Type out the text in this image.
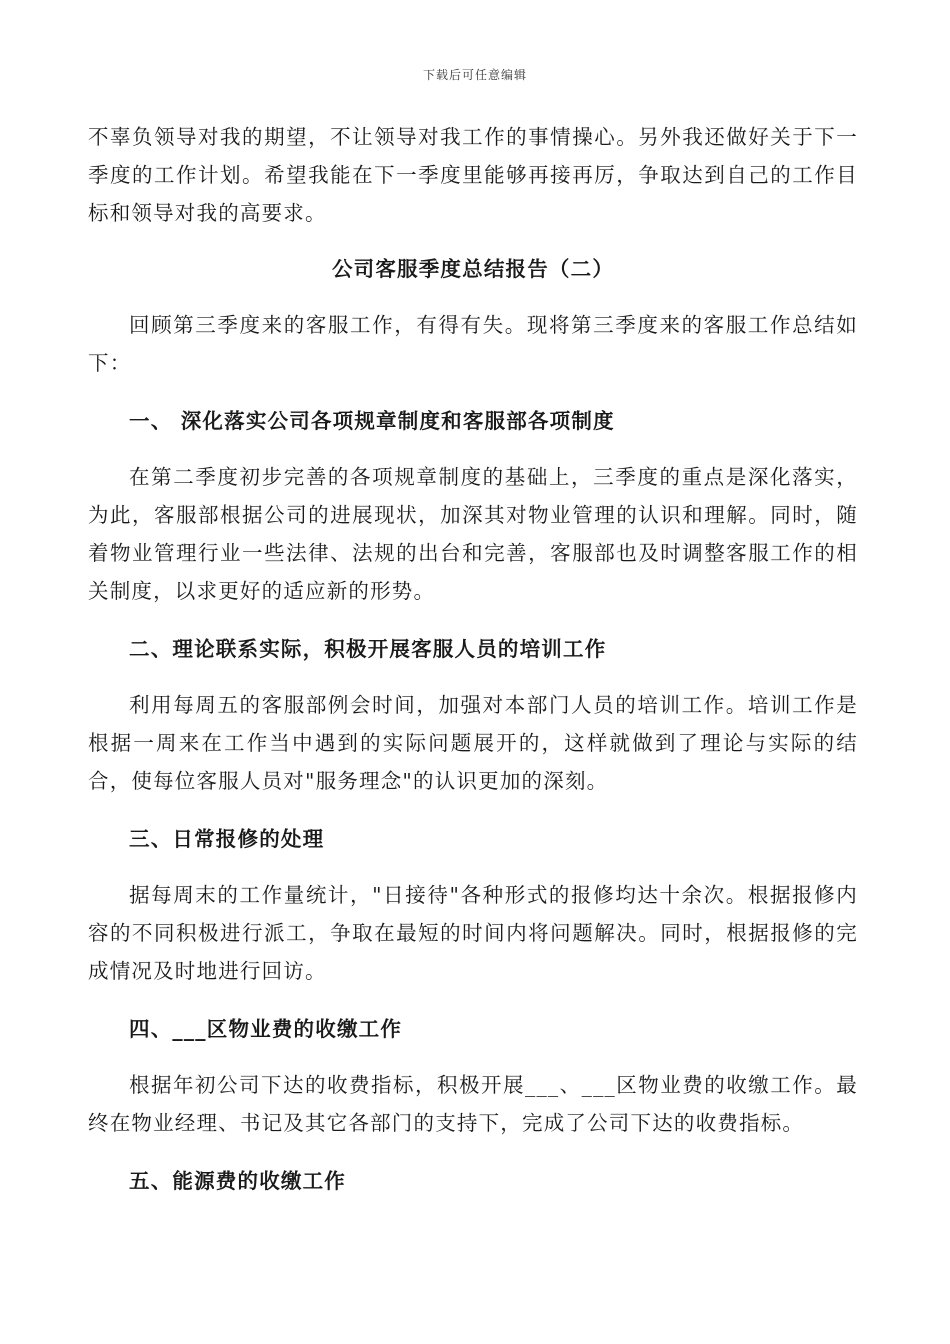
下载后可任意编辑

不辜负领导对我的期望，不让领导对我工作的事情操心。另外我还做好关于下一季度的工作计划。希望我能在下一季度里能够再接再厉，争取达到自己的工作目标和领导对我的高要求。

公司客服季度总结报告（二）

回顾第三季度来的客服工作，有得有失。现将第三季度来的客服工作总结如下：

一、 深化落实公司各项规章制度和客服部各项制度

在第二季度初步完善的各项规章制度的基础上，三季度的重点是深化落实，为此，客服部根据公司的进展现状，加深其对物业管理的认识和理解。同时，随着物业管理行业一些法律、法规的出台和完善，客服部也及时调整客服工作的相关制度，以求更好的适应新的形势。

二、理论联系实际，积极开展客服人员的培训工作

利用每周五的客服部例会时间，加强对本部门人员的培训工作。培训工作是根据一周来在工作当中遇到的实际问题展开的，这样就做到了理论与实际的结合，使每位客服人员对"服务理念"的认识更加的深刻。

三、日常报修的处理

据每周末的工作量统计，"日接待"各种形式的报修均达十余次。根据报修内容的不同积极进行派工，争取在最短的时间内将问题解决。同时，根据报修的完成情况及时地进行回访。

四、___区物业费的收缴工作

根据年初公司下达的收费指标，积极开展___、___区物业费的收缴工作。最终在物业经理、书记及其它各部门的支持下，完成了公司下达的收费指标。

五、能源费的收缴工作
